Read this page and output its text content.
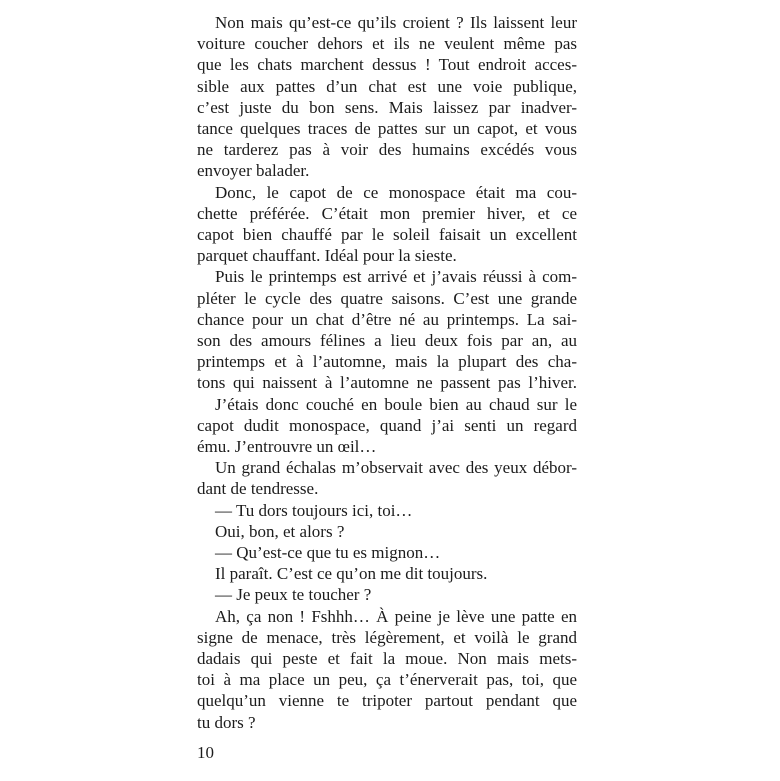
Non mais qu’est-ce qu’ils croient ? Ils laissent leur
voiture coucher dehors et ils ne veulent même pas
que les chats marchent dessus ! Tout endroit acces-
sible aux pattes d’un chat est une voie publique,
c’est juste du bon sens. Mais laissez par inadver-
tance quelques traces de pattes sur un capot, et vous
ne tarderez pas à voir des humains excédés vous
envoyer balader.
Donc, le capot de ce monospace était ma cou-
chette préférée. C’était mon premier hiver, et ce
capot bien chauffé par le soleil faisait un excellent
parquet chauffant. Idéal pour la sieste.
Puis le printemps est arrivé et j’avais réussi à com-
pléter le cycle des quatre saisons. C’est une grande
chance pour un chat d’être né au printemps. La sai-
son des amours félines a lieu deux fois par an, au
printemps et à l’automne, mais la plupart des cha-
tons qui naissent à l’automne ne passent pas l’hiver.
J’étais donc couché en boule bien au chaud sur le
capot dudit monospace, quand j’ai senti un regard
ému. J’entrouvre un œil…
Un grand échalas m’observait avec des yeux débor-
dant de tendresse.
— Tu dors toujours ici, toi…
Oui, bon, et alors ?
— Qu’est-ce que tu es mignon…
Il paraît. C’est ce qu’on me dit toujours.
— Je peux te toucher ?
Ah, ça non ! Fshhh… À peine je lève une patte en
signe de menace, très légèrement, et voilà le grand
dadais qui peste et fait la moue. Non mais mets-
toi à ma place un peu, ça t’énerverait pas, toi, que
quelqu’un vienne te tripoter partout pendant que
tu dors ?
10
